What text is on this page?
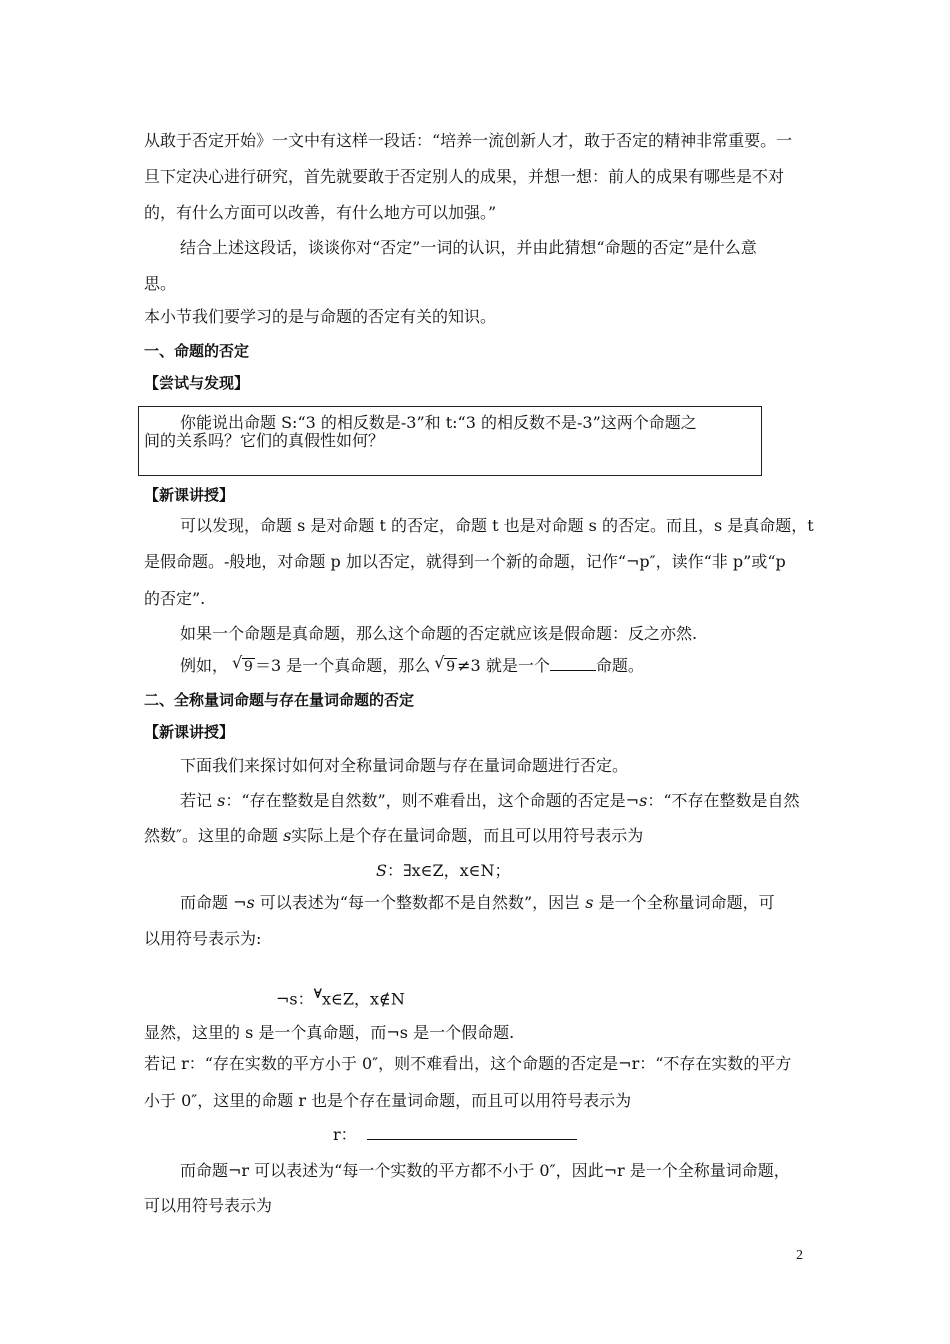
从敢于否定开始》一文中有这样一段话：“培养一流创新人才，敢于否定的精神非常重要。一
旦下定决心进行研究，首先就要敢于否定别人的成果，并想一想：前人的成果有哪些是不对
的，有什么方面可以改善，有什么地方可以加强。”
结合上述这段话，谈谈你对“否定”一词的认识，并由此猜想“命题的否定”是什么意
思。
本小节我们要学习的是与命题的否定有关的知识。
一、命题的否定
【尝试与发现】
你能说出命题 S:“3 的相反数是-3”和 t:“3 的相反数不是-3”这两个命题之
间的关系吗？它们的真假性如何？
【新课讲授】
可以发现，命题 s 是对命题 t 的否定，命题 t 也是对命题 s 的否定。而且，s 是真命题，t
是假命题。-般地，对命题 p 加以否定，就得到一个新的命题，记作“¬p″，读作“非 p”或“p
的否定”.
如果一个命题是真命题，那么这个命题的否定就应该是假命题：反之亦然.
例如， √ 9 ＝3 是一个真命题，那么 √ 9 ≠3 就是一个	命题。
二、全称量词命题与存在量词命题的否定
【新课讲授】
下面我们来探讨如何对全称量词命题与存在量词命题进行否定。
若记 s：“存在整数是自然数”，则不难看出，这个命题的否定是¬s：“不存在整数是自然
然数″。这里的命题 s实际上是个存在量词命题，而且可以用符号表示为
S：∃x∈Z，x∈N；
而命题 ¬s 可以表述为“每一个整数都不是自然数”，因岂 s 是一个全称量词命题，可
以用符号表示为:
¬s：∀x∈Z，x∉N
显然，这里的 s 是一个真命题，而¬s 是一个假命题.
若记 r：“存在实数的平方小于 0″，则不难看出，这个命题的否定是¬r：“不存在实数的平方
小于 0″，这里的命题 r 也是个存在量词命题，而且可以用符号表示为
r：
而命题¬r 可以表述为“每一个实数的平方都不小于 0″，因此¬r 是一个全称量词命题，
可以用符号表示为
2
